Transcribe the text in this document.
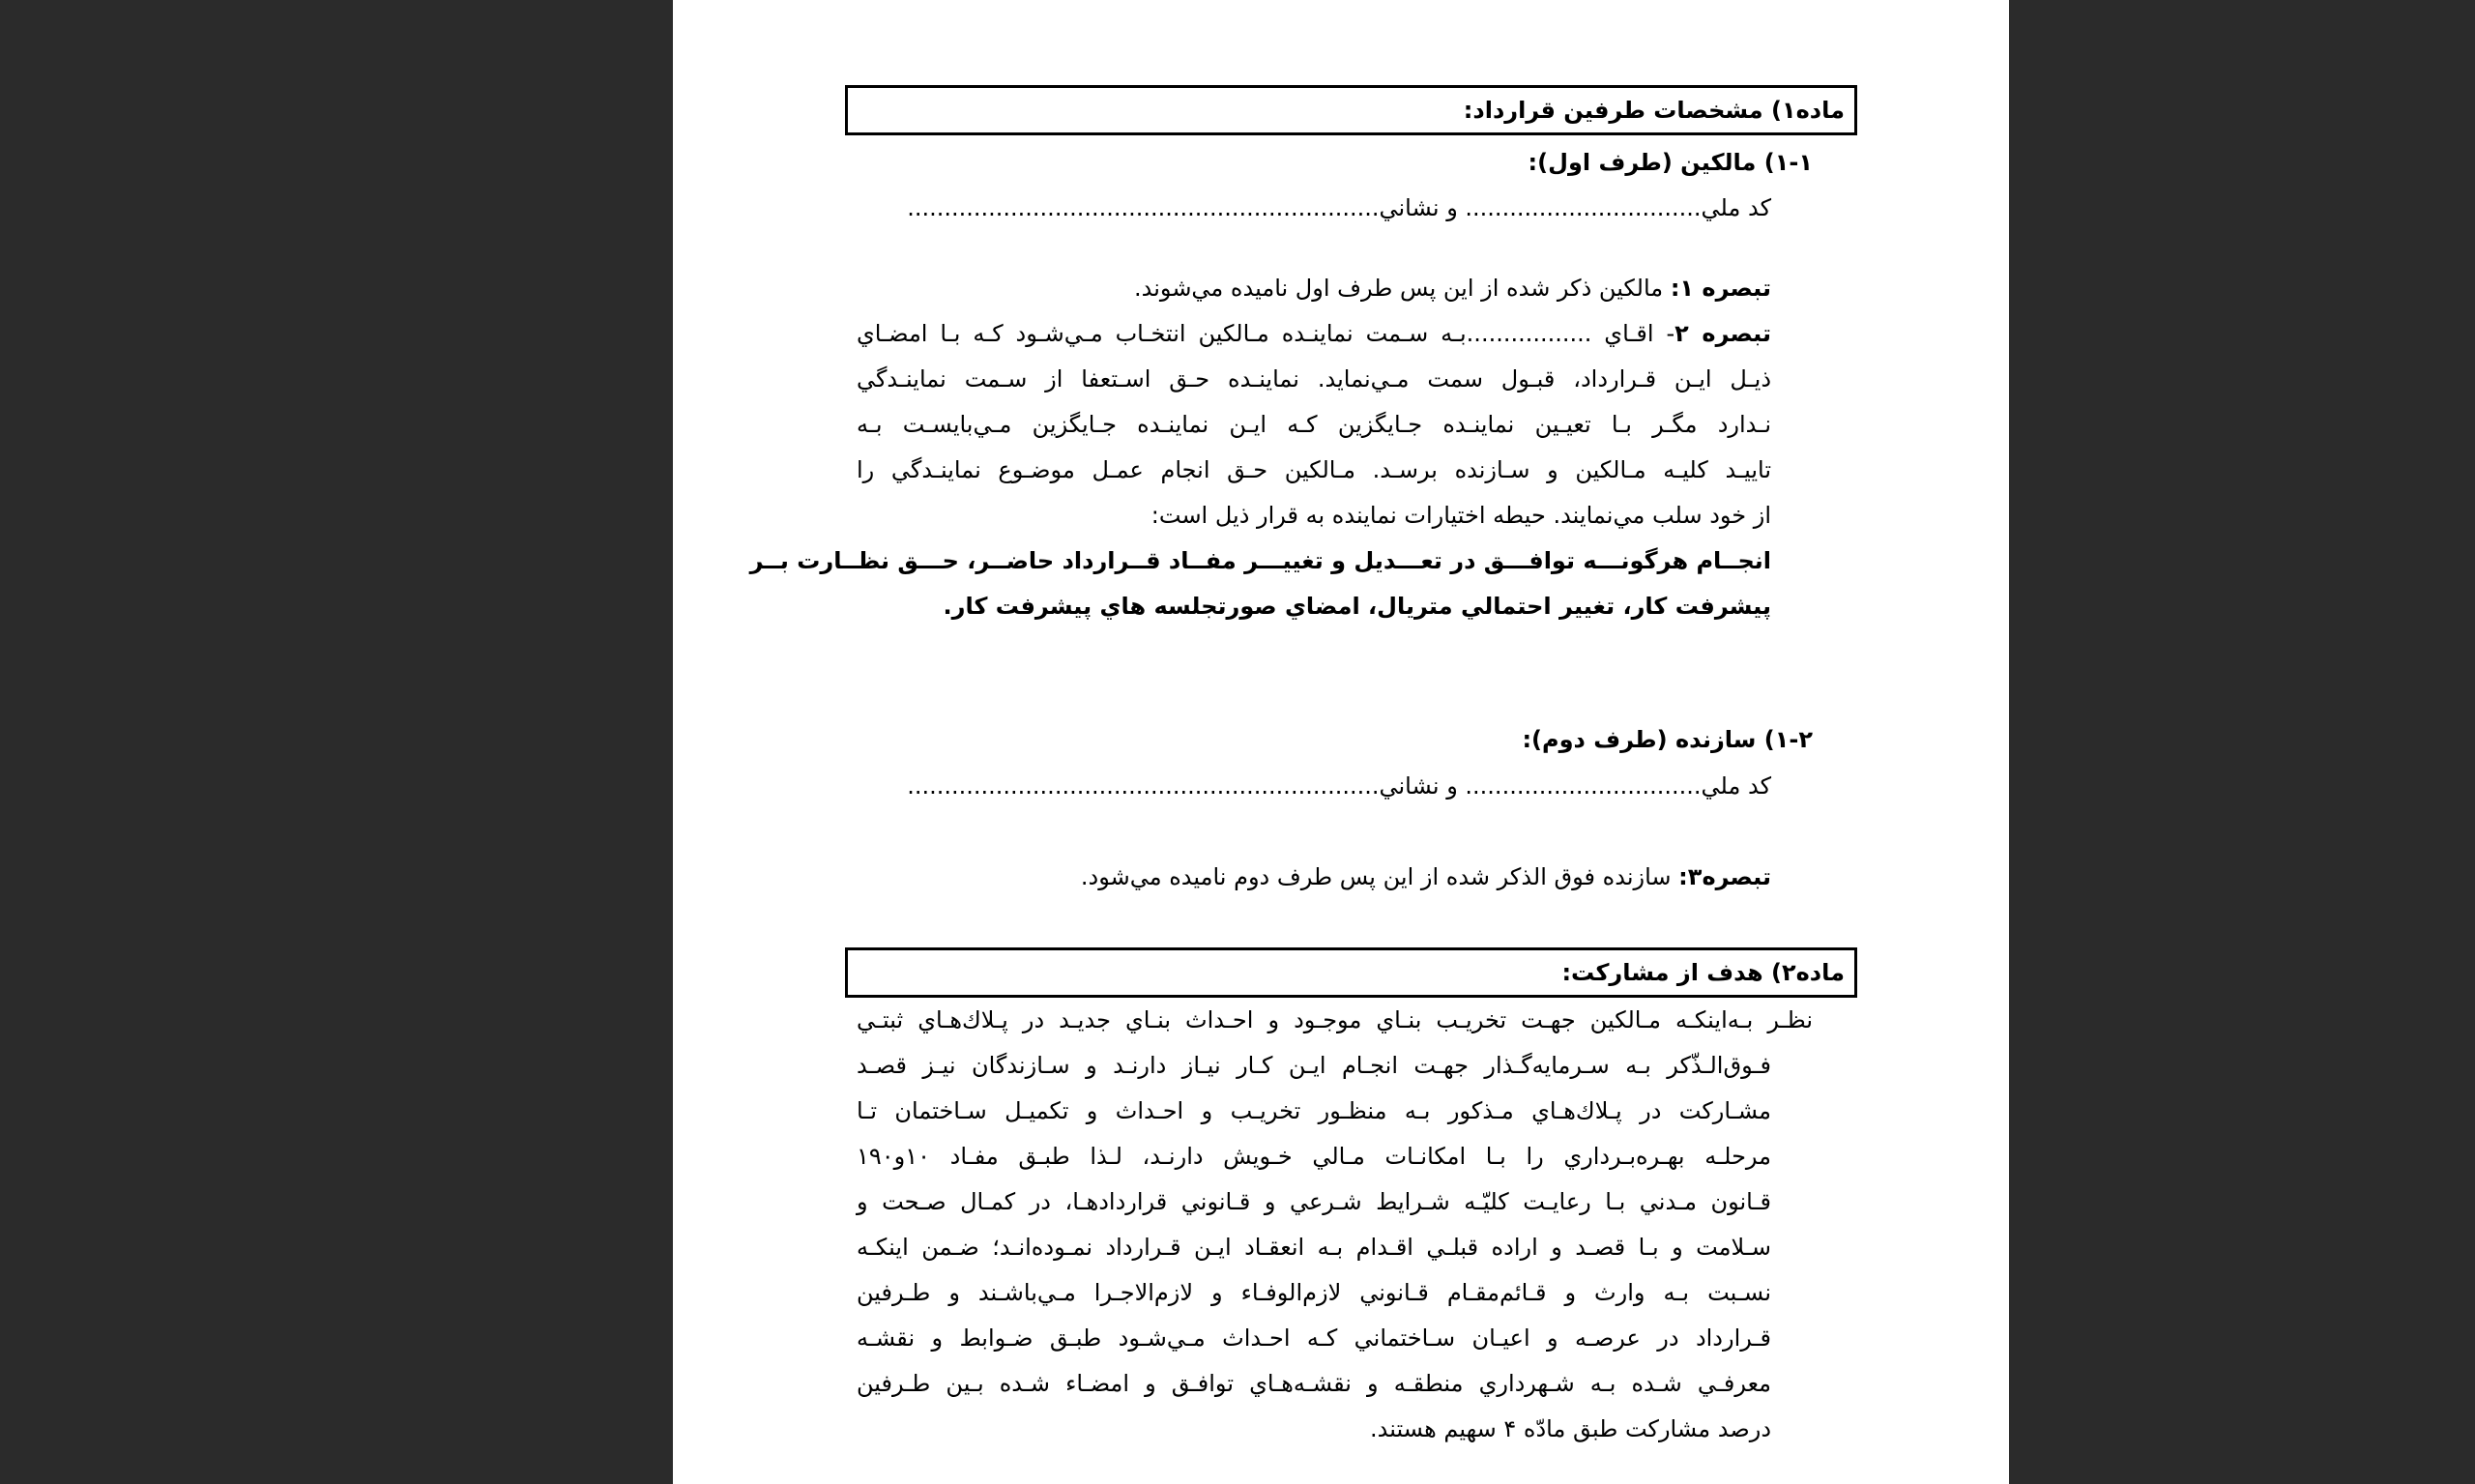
ماده۱) مشخصات طرفين قرارداد:
۱-۱) مالكين (طرف اول):
كد ملي................................ و نشاني................................................................
تبصره ۱: مالكين ذكر شده از اين پس طرف اول ناميده مي‌شوند.
تبصره ۲- اقـاي .................بـه سـمت نماينـده مـالكين انتخـاب مـي‌شـود كـه بـا امضـاي
ذيـل ايـن قـرارداد، قبـول سمت مـي‌نمايد. نماينـده حـق اسـتعفا از سـمت نماينـدگي
نـدارد مگـر بـا تعيـين نماينـده جـايگزين كـه ايـن نماينـده جـايگزين مـي‌بايسـت بـه
تاييـد كليـه مـالكين و سـازنده برسـد. مـالكين حـق انجام عمـل موضـوع نماينـدگي را
از خود سلب مي‌نمايند. حيطه اختيارات نماينده به قرار ذيل است:
انجــام هرگونـــه توافـــق در تعـــديل و تغييـــر مفــاد قــرارداد حاضــر، حـــق نظــارت بــر
پيشرفت كار، تغيير احتمالي متريال، امضاي صورتجلسه هاي پيشرفت كار.
۱-۲) سازنده (طرف دوم):
كد ملي................................ و نشاني................................................................
تبصره۳: سازنده فوق الذكر شده از اين پس طرف دوم ناميده مي‌شود.
ماده۲) هدف از مشاركت:
نظـر بـه‌اينكـه مـالكين جهـت تخريـب بنـاي موجـود و احـداث بنـاي جديـد در پـلاك‌هـاي ثبتـي
فـوق‌الـذّكر بـه سـرمايه‌گـذار جهـت انجـام ايـن كـار نيـاز دارنـد و سـازندگان نيـز قصـد
مشـاركت در پـلاك‌هـاي مـذكور بـه منظـور تخريـب و احـداث و تكميـل سـاختمان تـا
مرحلـه بهـره‌بـرداري را بـا امكانـات مـالي خـويش دارنـد، لـذا طبـق مفـاد ۱۰و۱۹۰
قـانون مـدني بـا رعايـت كليّـه شـرايط شـرعي و قـانوني قراردادهـا، در كمـال صـحت و
سـلامت و بـا قصـد و اراده قبلـي اقـدام بـه انعقـاد ايـن قـرارداد نمـوده‌انـد؛ ضـمن اينكـه
نسـبت بـه وارث و قـائم‌مقـام قـانوني لازم‌الوفـاء و لازم‌الاجـرا مـي‌باشـند و طـرفين
قـرارداد در عرصـه و اعيـان سـاختماني كـه احـداث مـي‌شـود طبـق ضـوابط و نقشـه
معرفـي شـده بـه شـهرداري منطقـه و نقشـه‌هـاي توافـق و امضـاء شـده بـين طـرفين
درصد مشاركت طبق مادّه ۴ سهيم هستند.
